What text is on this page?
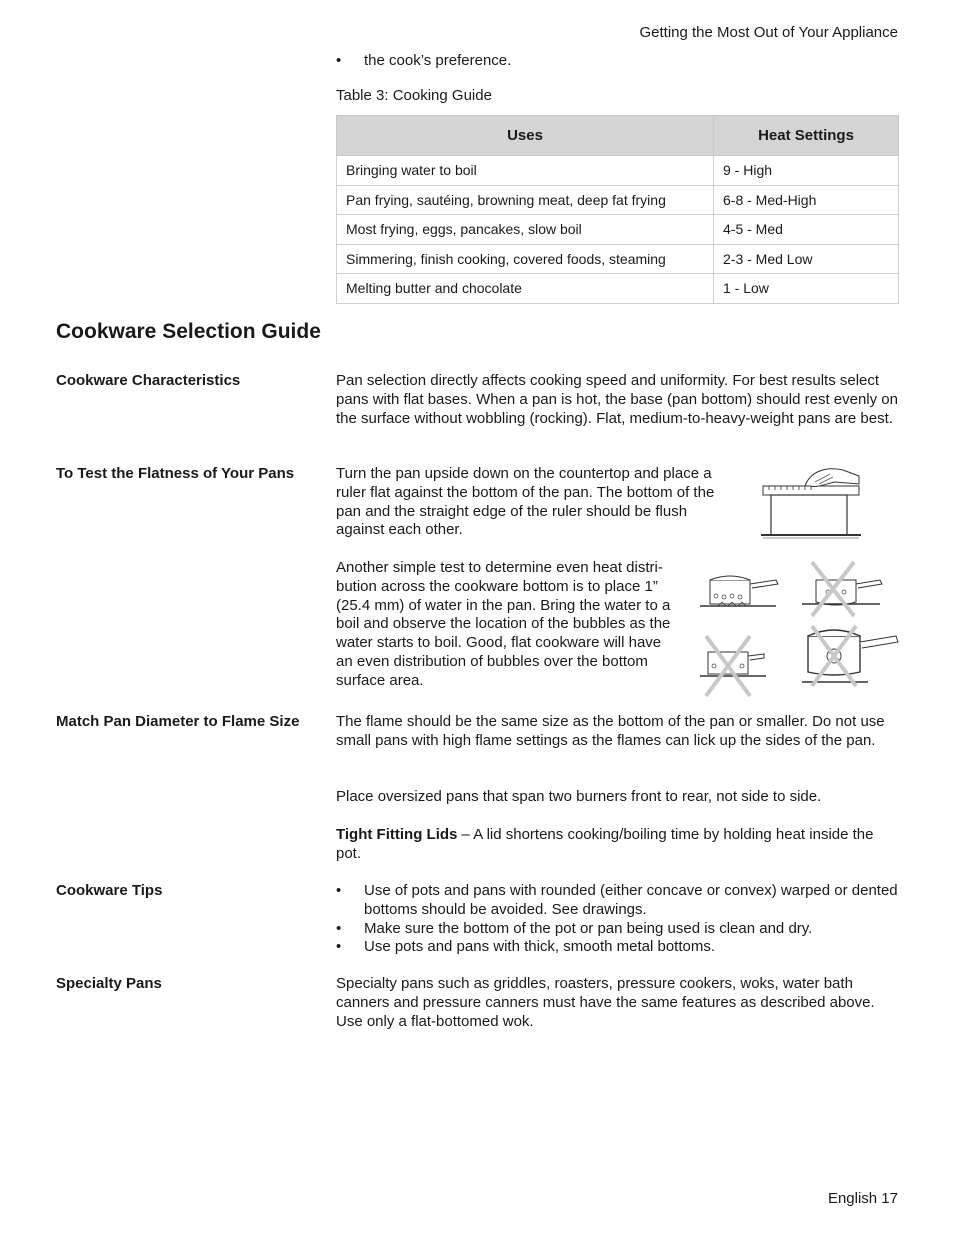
Getting the Most Out of Your Appliance
• the cook’s preference.
Table 3: Cooking Guide
Uses	Heat Settings
Bringing water to boil	9 - High
Pan frying, sautéing, browning meat, deep fat frying	6-8 - Med-High
Most frying, eggs, pancakes, slow boil	4-5 - Med
Simmering, finish cooking, covered foods, steaming	2-3 - Med Low
Melting butter and chocolate	1 - Low
Cookware Selection Guide
Cookware Characteristics	Pan selection directly affects cooking speed and uniformity. For best results select pans with flat bases. When a pan is hot, the base (pan bottom) should rest evenly on the surface without wobbling (rocking). Flat, medium-to-heavy-weight pans are best.
To Test the Flatness of Your Pans	Turn the pan upside down on the countertop and place a ruler flat against the bottom of the pan. The bottom of the pan and the straight edge of the ruler should be flush against each other.
Another simple test to determine even heat distri-bution across the cookware bottom is to place 1” (25.4 mm) of water in the pan. Bring the water to a boil and observe the location of the bubbles as the water starts to boil. Good, flat cookware will have an even distribution of bubbles over the bottom surface area.
Match Pan Diameter to Flame Size The flame should be the same size as the bottom of the pan or smaller. Do not use small pans with high flame settings as the flames can lick up the sides of the pan.
Place oversized pans that span two burners front to rear, not side to side.
Tight Fitting Lids – A lid shortens cooking/boiling time by holding heat inside the pot.
Cookware Tips	•	Use of pots and pans with rounded (either concave or convex) warped or dented bottoms should be avoided. See drawings.
•	Make sure the bottom of the pot or pan being used is clean and dry.
•	Use pots and pans with thick, smooth metal bottoms.
Specialty Pans	Specialty pans such as griddles, roasters, pressure cookers, woks, water bath canners and pressure canners must have the same features as described above. Use only a flat-bottomed wok.
English 17
